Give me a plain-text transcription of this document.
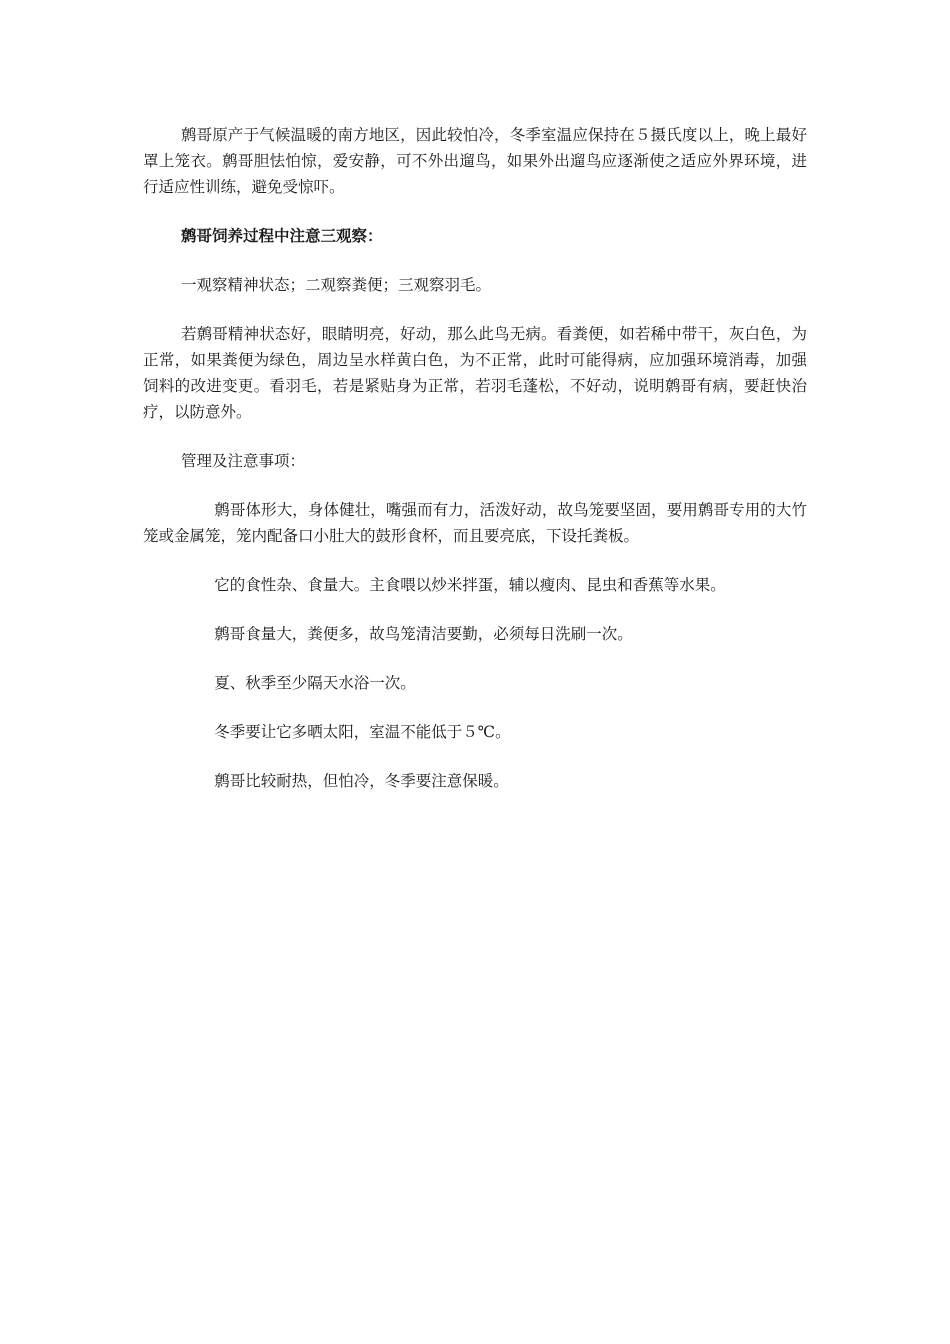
鹩哥原产于气候温暖的南方地区，因此较怕冷，冬季室温应保持在５摄氏度以上，晚上最好罩上笼衣。鹩哥胆怯怕惊，爱安静，可不外出遛鸟，如果外出遛鸟应逐渐使之适应外界环境，进行适应性训练，避免受惊吓。

鹩哥饲养过程中注意三观察：

一观察精神状态；二观察粪便；三观察羽毛。

若鹩哥精神状态好，眼睛明亮，好动，那么此鸟无病。看粪便，如若稀中带干，灰白色，为正常，如果粪便为绿色，周边呈水样黄白色，为不正常，此时可能得病，应加强环境消毒，加强饲料的改进变更。看羽毛，若是紧贴身为正常，若羽毛蓬松，不好动，说明鹩哥有病，要赶快治疗，以防意外。

管理及注意事项：

鹩哥体形大，身体健壮，嘴强而有力，活泼好动，故鸟笼要坚固，要用鹩哥专用的大竹笼或金属笼，笼内配备口小肚大的鼓形食杯，而且要亮底，下设托粪板。

它的食性杂、食量大。主食喂以炒米拌蛋，辅以瘦肉、昆虫和香蕉等水果。

鹩哥食量大，粪便多，故鸟笼清洁要勤，必须每日洗刷一次。

夏、秋季至少隔天水浴一次。

冬季要让它多晒太阳，室温不能低于５℃。

鹩哥比较耐热，但怕冷，冬季要注意保暖。
